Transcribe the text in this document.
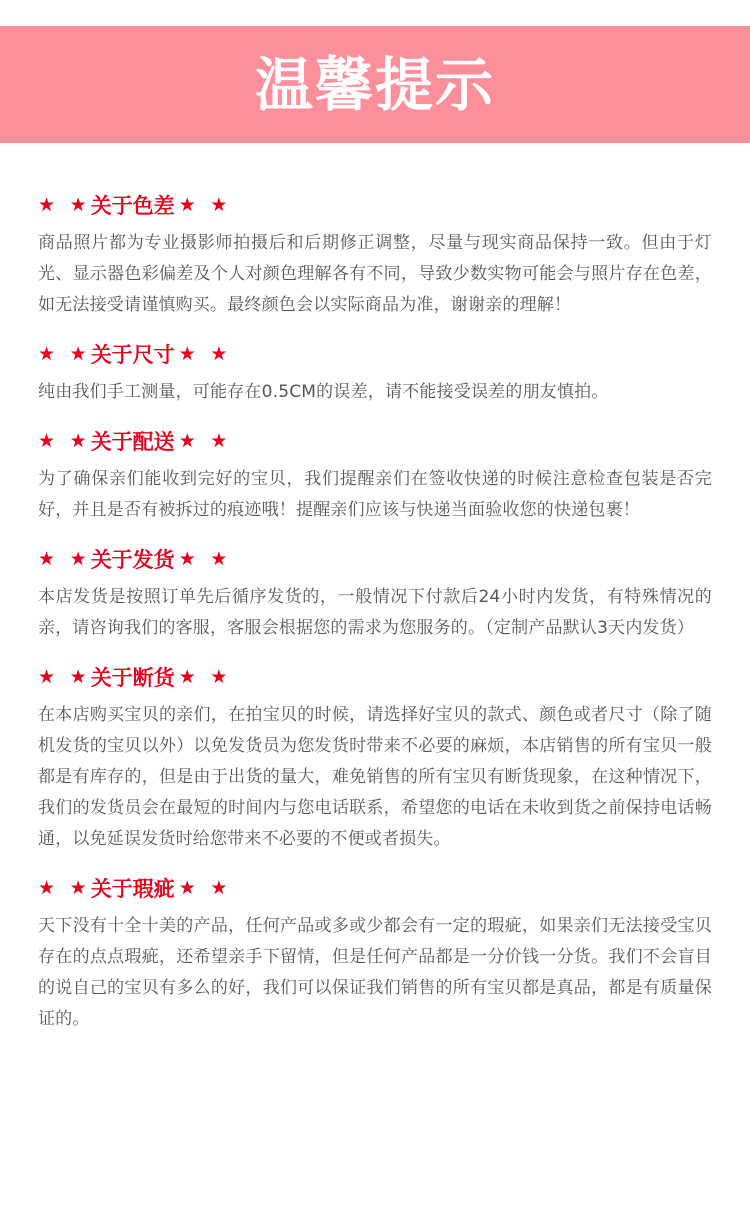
温馨提示
★ ★ 关于色差 ★ ★

商品照片都为专业摄影师拍摄后和后期修正调整，尽量与现实商品保持一致。但由于灯光、显示器色彩偏差及个人对颜色理解各有不同，导致少数实物可能会与照片存在色差，如无法接受请谨慎购买。最终颜色会以实际商品为准，谢谢亲的理解！

★ ★ 关于尺寸 ★ ★

纯由我们手工测量，可能存在0.5CM的误差，请不能接受误差的朋友慎拍。

★ ★ 关于配送 ★ ★

为了确保亲们能收到完好的宝贝，我们提醒亲们在签收快递的时候注意检查包装是否完好，并且是否有被拆过的痕迹哦！提醒亲们应该与快递当面验收您的快递包裹！

★ ★ 关于发货 ★ ★

本店发货是按照订单先后循序发货的，一般情况下付款后24小时内发货，有特殊情况的亲，请咨询我们的客服，客服会根据您的需求为您服务的。（定制产品默认3天内发货）

★ ★ 关于断货 ★ ★

在本店购买宝贝的亲们，在拍宝贝的时候，请选择好宝贝的款式、颜色或者尺寸（除了随机发货的宝贝以外）以免发货员为您发货时带来不必要的麻烦，本店销售的所有宝贝一般都是有库存的，但是由于出货的量大，难免销售的所有宝贝有断货现象，在这种情况下，我们的发货员会在最短的时间内与您电话联系，希望您的电话在未收到货之前保持电话畅通，以免延误发货时给您带来不必要的不便或者损失。

★ ★ 关于瑕疵 ★ ★

天下没有十全十美的产品，任何产品或多或少都会有一定的瑕疵，如果亲们无法接受宝贝存在的点点瑕疵，还希望亲手下留情，但是任何产品都是一分价钱一分货。我们不会盲目的说自己的宝贝有多么的好，我们可以保证我们销售的所有宝贝都是真品，都是有质量保证的。
